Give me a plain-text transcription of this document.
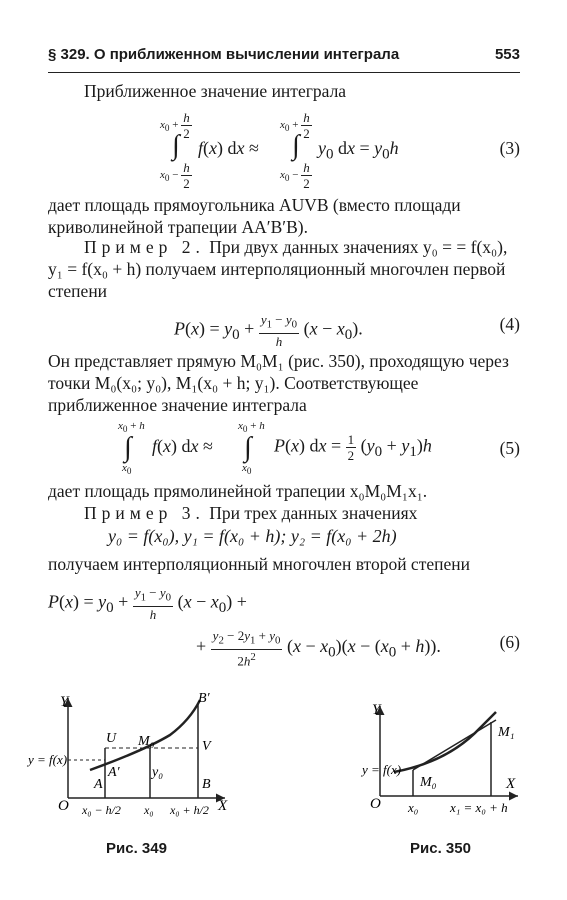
§ 329. О приближенном вычислении интеграла	553
Приближенное значение интеграла
$x_0 + \frac{h}{2}$
∫
$x_0 - \frac{h}{2}$
f(x) dx ≈
$x_0 + \frac{h}{2}$
∫
$x_0 - \frac{h}{2}$
$y_0$ dx = $y_0h$	(3)
дает площадь прямоугольника AUVB (вместо площади криволинейной трапеции AA′B′B).
Пример 2. При двух данных значениях y₀ = = f(x₀), y₁ = f(x₀ + h) получаем интерполяционный многочлен первой степени
$P(x) = y_0 + \frac{y_1 - y_0}{h} (x - x_0)$.	(4)
Он представляет прямую M₀M₁ (рис. 350), проходящую через точки M₀(x₀; y₀), M₁(x₀ + h; y₁). Соответствующее приближенное значение интеграла
$x_0 + h$
∫
$x_0$
f(x) dx ≈
$x_0 + h$
∫
$x_0$
P(x) dx = $\frac{1}{2} (y_0 + y_1)h$	(5)
дает площадь прямолинейной трапеции x₀M₀M₁x₁.
Пример 3. При трех данных значениях
y₀ = f(x₀), y₁ = f(x₀ + h); y₂ = f(x₀ + 2h)
получаем интерполяционный многочлен второй степени
$P(x) = y_0 + \frac{y_1 - y_0}{h} (x - x_0)$ +
+ $\frac{y_2 - 2y_1 + y_0}{2h^2} (x - x_0)(x - (x_0 + h))$.	(6)
Y
X
O
U M₀	V
B′
A
A′
B
y₀
y = f(x)
x₀ − h/2 x₀ x₀ + h/2
Рис. 349
Y
X
O
M₀
M₁
y = f(x)
x₀ x₁ = x₀ + h
Рис. 350
